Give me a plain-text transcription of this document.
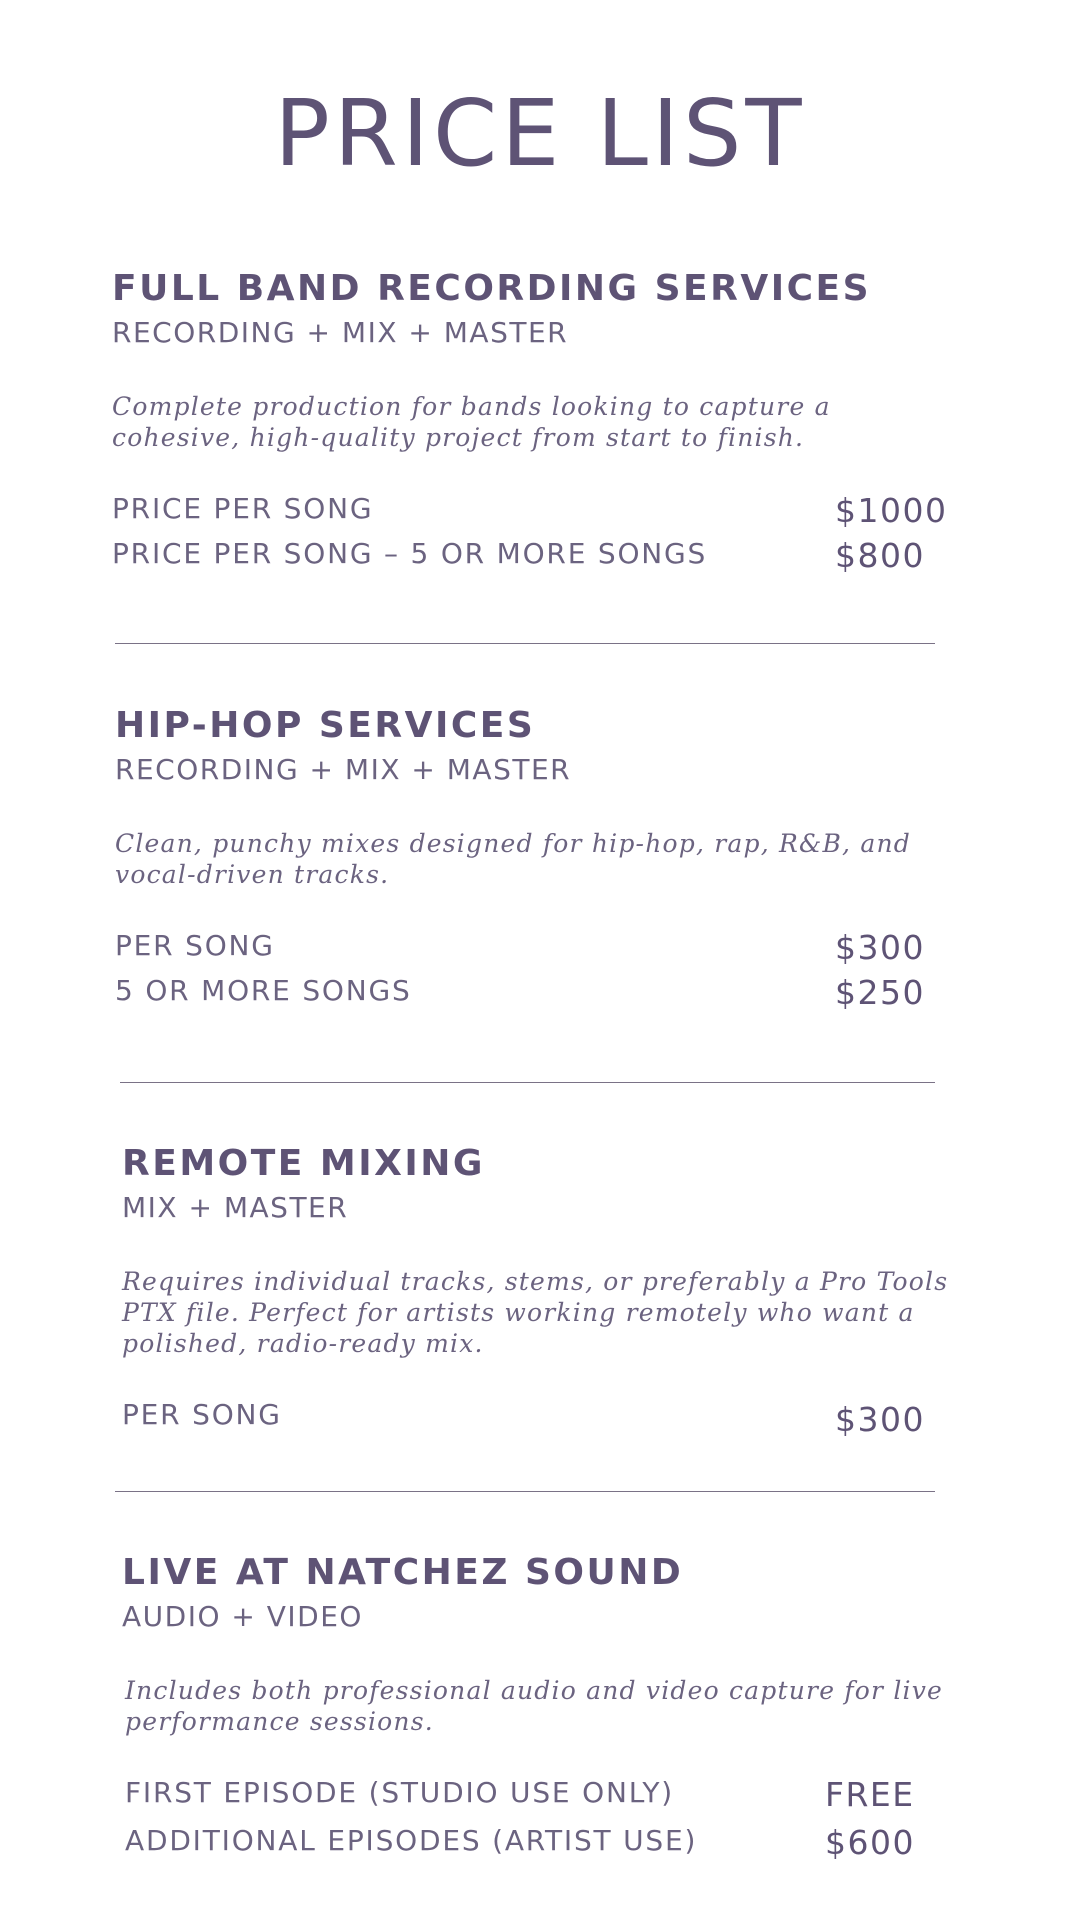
PRICE LIST
FULL BAND RECORDING SERVICES
RECORDING + MIX + MASTER
Complete production for bands looking to capture a cohesive, high-quality project from start to finish.
PRICE PER SONG	$1000
PRICE PER SONG – 5 OR MORE SONGS	$800
HIP-HOP SERVICES
RECORDING + MIX + MASTER
Clean, punchy mixes designed for hip-hop, rap, R&B, and vocal-driven tracks.
PER SONG	$300
5 OR MORE SONGS	$250
REMOTE MIXING
MIX + MASTER
Requires individual tracks, stems, or preferably a Pro Tools PTX file. Perfect for artists working remotely who want a polished, radio-ready mix.
PER SONG	$300
LIVE AT NATCHEZ SOUND
AUDIO + VIDEO
Includes both professional audio and video capture for live performance sessions.
FIRST EPISODE (STUDIO USE ONLY)	FREE
ADDITIONAL EPISODES (ARTIST USE)	$600
